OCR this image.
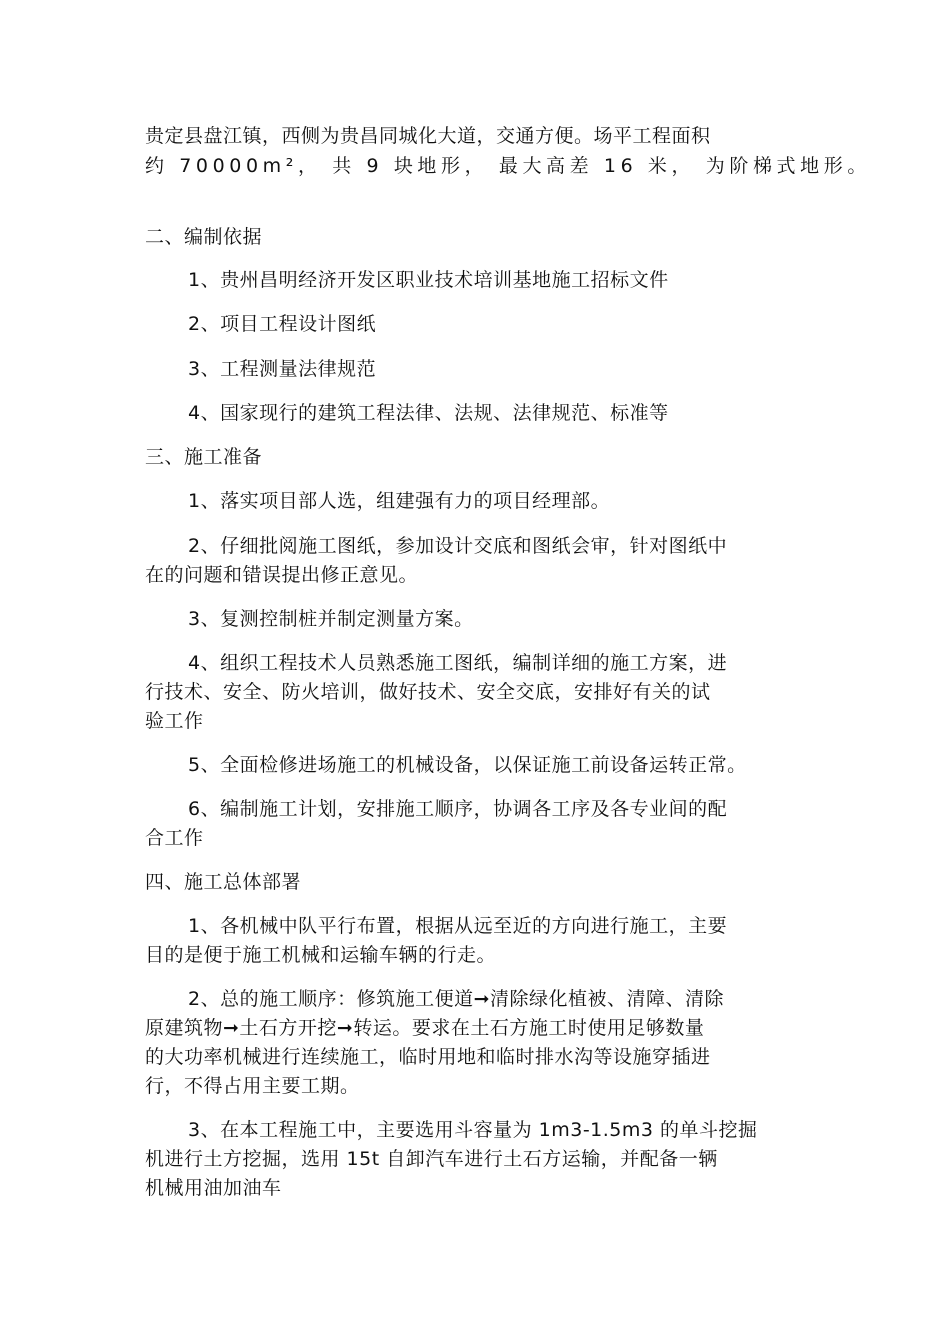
贵定县盘江镇，西侧为贵昌同城化大道，交通方便。场平工程面积
约 70000m²， 共 9 块地形， 最大高差 16 米， 为阶梯式地形。
二、编制依据
1、贵州昌明经济开发区职业技术培训基地施工招标文件
2、项目工程设计图纸
3、工程测量法律规范
4、国家现行的建筑工程法律、法规、法律规范、标准等
三、施工准备
1、落实项目部人选，组建强有力的项目经理部。
2、仔细批阅施工图纸，参加设计交底和图纸会审，针对图纸中
在的问题和错误提出修正意见。
3、复测控制桩并制定测量方案。
4、组织工程技术人员熟悉施工图纸，编制详细的施工方案，进
行技术、安全、防火培训，做好技术、安全交底，安排好有关的试
验工作
5、全面检修进场施工的机械设备，以保证施工前设备运转正常。
6、编制施工计划，安排施工顺序，协调各工序及各专业间的配
合工作
四、施工总体部署
1、各机械中队平行布置，根据从远至近的方向进行施工，主要
目的是便于施工机械和运输车辆的行走。
2、总的施工顺序：修筑施工便道➞清除绿化植被、清障、清除
原建筑物➞土石方开挖➞转运。要求在土石方施工时使用足够数量
的大功率机械进行连续施工，临时用地和临时排水沟等设施穿插进
行，不得占用主要工期。
3、在本工程施工中，主要选用斗容量为 1m3-1.5m3 的单斗挖掘
机进行土方挖掘，选用 15t 自卸汽车进行土石方运输，并配备一辆
机械用油加油车
